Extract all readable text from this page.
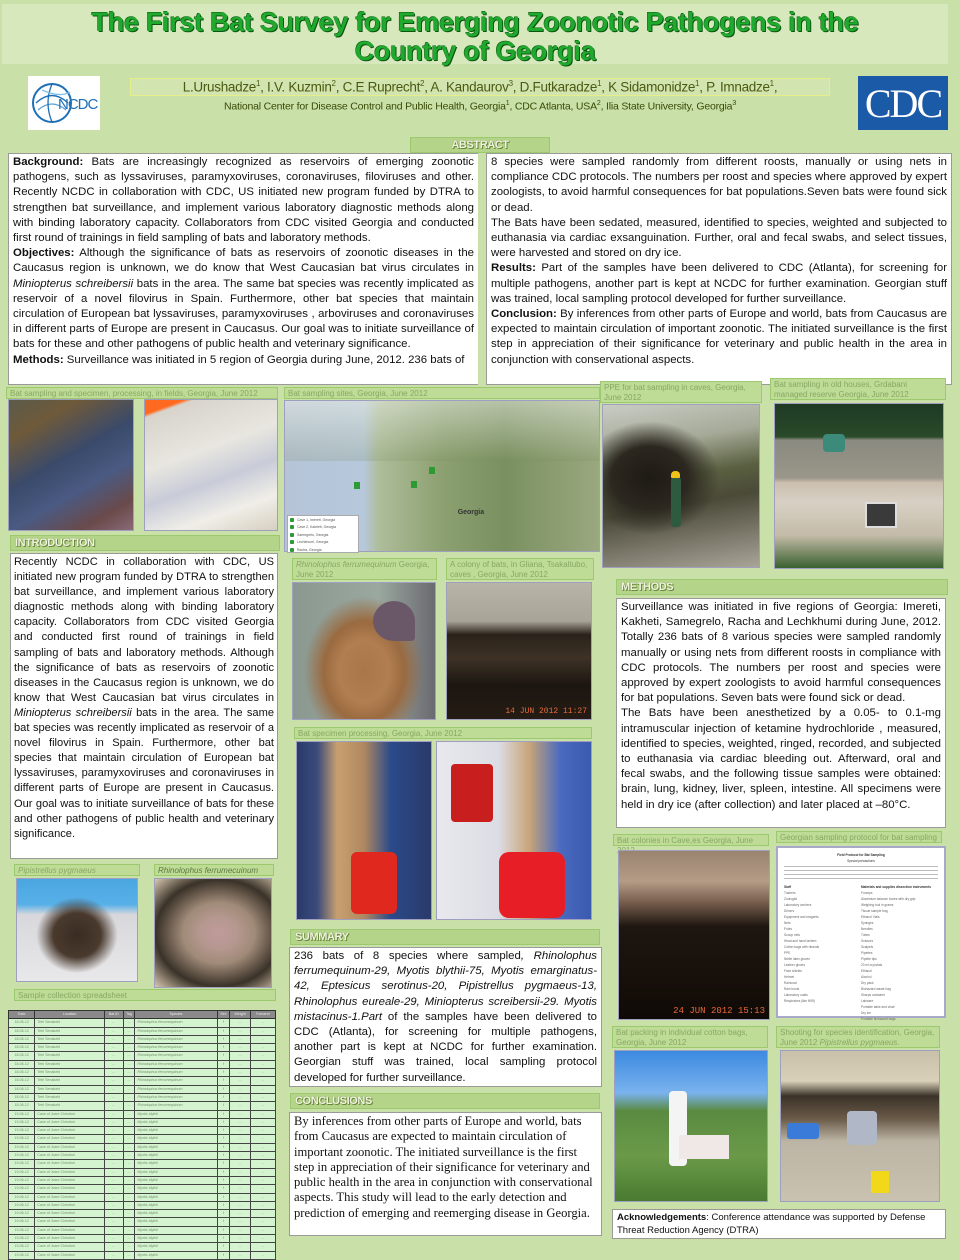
The First Bat Survey for Emerging Zoonotic Pathogens in the
Country of Georgia
NCDC
L.Urushadze$^1$, I.V. Kuzmin$^2$, C.E Ruprecht$^2$, A. Kandaurov$^3$, D.Futkaradze$^1$, K Sidamonidze$^1$, P. Imnadze$^1$,
National Center for Disease Control and Public Health, Georgia$^1$, CDC Atlanta, USA$^2$, Ilia State University, Georgia$^3$	CDC
ABSTRACT

Background: Bats are increasingly recognized as reservoirs of emerging zoonotic pathogens, such as lyssaviruses, paramyxoviruses, coronaviruses, filoviruses and other. Recently NCDC in collaboration with CDC, US initiated new program funded by DTRA to strengthen bat surveillance, and implement various laboratory diagnostic methods along with binding laboratory capacity. Collaborators from CDC visited Georgia and conducted first round of trainings in field sampling of bats and laboratory methods.

Objectives: Although the significance of bats as reservoirs of zoonotic diseases in the Caucasus region is unknown, we do know that West Caucasian bat virus circulates in Miniopterus schreibersii bats in the area. The same bat species was recently implicated as reservoir of a novel filovirus in Spain. Furthermore, other bat species that maintain circulation of European bat lyssaviruses, paramyxoviruses , arboviruses and coronaviruses in different parts of Europe are present in Caucasus. Our goal was to initiate surveillance of bats for these and other pathogens of public health and veterinary significance.

Methods: Surveillance was initiated in 5 region of Georgia during June, 2012. 236 bats of

8 species were sampled randomly from different roosts, manually or using nets in compliance CDC protocols. The numbers per roost and species where approved by expert zoologists, to avoid harmful consequences for bat populations.Seven bats were found sick or dead.

The Bats have been sedated, measured, identified to species, weighted and subjected to euthanasia via cardiac exsanguination. Further, oral and fecal swabs, and select tissues, were harvested and stored on dry ice.

Results: Part of the samples have been delivered to CDC (Atlanta), for screening for multiple pathogens, another part is kept at NCDC for further examination. Georgian stuff was trained, local sampling protocol developed for further surveillance.

Conclusion: By inferences from other parts of Europe and world, bats from Caucasus are expected to maintain circulation of important zoonotic. The initiated surveillance is the first step in appreciation of their significance for veterinary and public health in the area in conjunction with conservational aspects.

Bat sampling and specimen, processing, in fields, Georgia, June 2012	Bat sampling sites, Georgia, June 2012
Georgia
Cave 1, Imereti, Georgia
Cave 2, Kakheti, Georgia
Samegrelo, Georgia
Lechkhumi, Georgia
Racha, Georgia
PPE for bat sampling in caves, Georgia, June 2012
Bat sampling in old houses, Grdabani managed reserve Georgia, June 2012
INTRODUCTION
Recently NCDC in collaboration with CDC, US initiated new program funded by DTRA to strengthen bat surveillance, and implement various laboratory diagnostic methods along with binding laboratory capacity. Collaborators from CDC visited Georgia and conducted first round of trainings in field sampling of bats and laboratory methods. Although the significance of bats as reservoirs of zoonotic diseases in the Caucasus region is unknown, we do know that West Caucasian bat virus circulates in Miniopterus schreibersii bats in the area. The same bat species was recently implicated as reservoir of a novel filovirus in Spain. Furthermore, other bat species that maintain circulation of European bat lyssaviruses, paramyxoviruses and coronaviruses in different parts of Europe are present in Caucasus. Our goal was to initiate surveillance of bats for these and other pathogens of public health and veterinary significance.
Pipistrellus pygmaeus	Rhinolophus ferrumecuinum
Sample collection spreadsheet
Date	Location	Bat ID	Tag	Species	Sex	Weight	Forearm
18-06-12	Tetri Senakebi	...	...	Rhinolophus ferrumequinum	f	...	...
18-06-12	Tetri Senakebi	...	...	Rhinolophus ferrumequinum	f	...	...
18-06-12	Tetri Senakebi	...	...	Rhinolophus ferrumequinum	f	...	...
18-06-12	Tetri Senakebi	...	...	Rhinolophus ferrumequinum	f	...	...
18-06-12	Tetri Senakebi	...	...	Rhinolophus ferrumequinum	f	...	...
18-06-12	Tetri Senakebi	...	...	Rhinolophus ferrumequinum	f	...	...
18-06-12	Tetri Senakebi	...	...	Rhinolophus ferrumequinum	f	...	...
18-06-12	Tetri Senakebi	...	...	Rhinolophus ferrumequinum	f	...	...
18-06-12	Tetri Senakebi	...	...	Rhinolophus ferrumequinum	f	...	...
18-06-12	Tetri Senakebi	...	...	Rhinolophus ferrumequinum	f	...	...
18-06-12	Tetri Senakebi	...	...	Rhinolophus ferrumequinum	f	...	...
19-06-12	Cave of Jvare Christtori	...	...	Myotis blythii	f	...	...
19-06-12	Cave of Jvare Christtori	...	...	Myotis blythii	f	...	...
19-06-12	Cave of Jvare Christtori	...	...	Myotis blythii	f	...	...
19-06-12	Cave of Jvare Christtori	...	...	Myotis blythii	f	...	...
19-06-12	Cave of Jvare Christtori	...	...	Myotis blythii	f	...	...
19-06-12	Cave of Jvare Christtori	...	...	Myotis blythii	f	...	...
19-06-12	Cave of Jvare Christtori	...	...	Myotis blythii	f	...	...
19-06-12	Cave of Jvare Christtori	...	...	Myotis blythii	f	...	...
19-06-12	Cave of Jvare Christtori	...	...	Myotis blythii	f	...	...
19-06-12	Cave of Jvare Christtori	...	...	Myotis blythii	f	...	...
19-06-12	Cave of Jvare Christtori	...	...	Myotis blythii	f	...	...
19-06-12	Cave of Jvare Christtori	...	...	Myotis blythii	f	...	...
19-06-12	Cave of Jvare Christtori	...	...	Myotis blythii	f	...	...
19-06-12	Cave of Jvare Christtori	...	...	Myotis blythii	f	...	...
19-06-12	Cave of Jvare Christtori	...	...	Myotis blythii	f	...	...
19-06-12	Cave of Jvare Christtori	...	...	Myotis blythii	f	...	...
19-06-12	Cave of Jvare Christtori	...	...	Myotis blythii	f	...	...
19-06-12	Cave of Jvare Christtori	...	...	Myotis blythii	f	...	...
Rhinolophus ferrumequinum Georgia, June 2012
A colony of bats, in Gliana, Tsakaltubo, caves , Georgia, June 2012
14 JUN 2012 11:27
Bat specimen processing, Georgia, June 2012
SUMMARY
236 bats of 8 species where sampled, Rhinolophus ferrumequinum-29, Myotis blythii-75, Myotis emarginatus-42, Eptesicus serotinus-20, Pipistrellus pygmaeus-13, Rhinolophus eureale-29, Miniopterus screibersii-29. Myotis mistacinus-1.Part of the samples have been delivered to CDC (Atlanta), for screening for multiple pathogens, another part is kept at NCDC for further examination. Georgian stuff was trained, local sampling protocol developed for further surveillance.
CONCLUSIONS
By inferences from other parts of Europe and world, bats from Caucasus are expected to maintain circulation of important zoonotic. The initiated surveillance is the first step in appreciation of their significance for veterinary and public health in the area in conjunction with conservational aspects. This study will lead to the early detection and prediction of emerging and reemerging disease in Georgia.
METHODS

Surveillance was initiated in five regions of Georgia: Imereti, Kakheti, Samegrelo, Racha and Lechkhumi during June, 2012. Totally 236 bats of 8 various species were sampled randomly manually or using nets from different roosts in compliance with CDC protocols. The numbers per roost and species were approved by expert zoologists to avoid harmful consequences for bat populations. Seven bats were found sick or dead.

The Bats have been anesthetized by a 0.05- to 0.1-mg intramuscular injection of ketamine hydrochloride , measured, identified to species, weighted, ringed, recorded, and subjected to euthanasia via cardiac bleeding out. Afterward, oral and fecal swabs, and the following tissue samples were obtained: brain, lung, kidney, liver, spleen, intestine. All specimens were held in dry ice (after collection) and later placed at –80°C.

Bat colonies in Cave,es Georgia, June
24 JUN 2012 15:13
Georgian sampling protocol for bat sampling
Field Protocol for Bat Sampling
Special precautions
Staff
Trainers
Zoologist
Laboratory workers
Drivers
Equipment and reagents
Nets
Poles
Scoop nets
Head and hand lantern
Cotton bags with ribands
PPE
Nitrile latex gloves
Leather gloves
Face shields
Helmet
Raincoat
Rain boots
Laboratory coats
Respirators (like N95)
Materials and supplies dissection instruments
Forceps
Aluminium balance boxes with dry grip
Weighing tool in grams
Tissue sample bag
Ethanol Vials
Syringes
Needles
Tubes
Scissors
Scalpels
Pipettes
Pipette tips
20 ml cryovials
Ethanol
Alcohol
Dry pack
Biohazard waste bag
Sharps container
Labware
Portable table and chair
Dry ice
Portable biohazard bags
Bat packing in individual cotton bags, Georgia, June 2012
Shooting for species identification, Georgia, June 2012 Pipistrellus pygmaeus.
Acknowledgements: Conference attendance was supported by Defense Threat Reduction Agency (DTRA)
